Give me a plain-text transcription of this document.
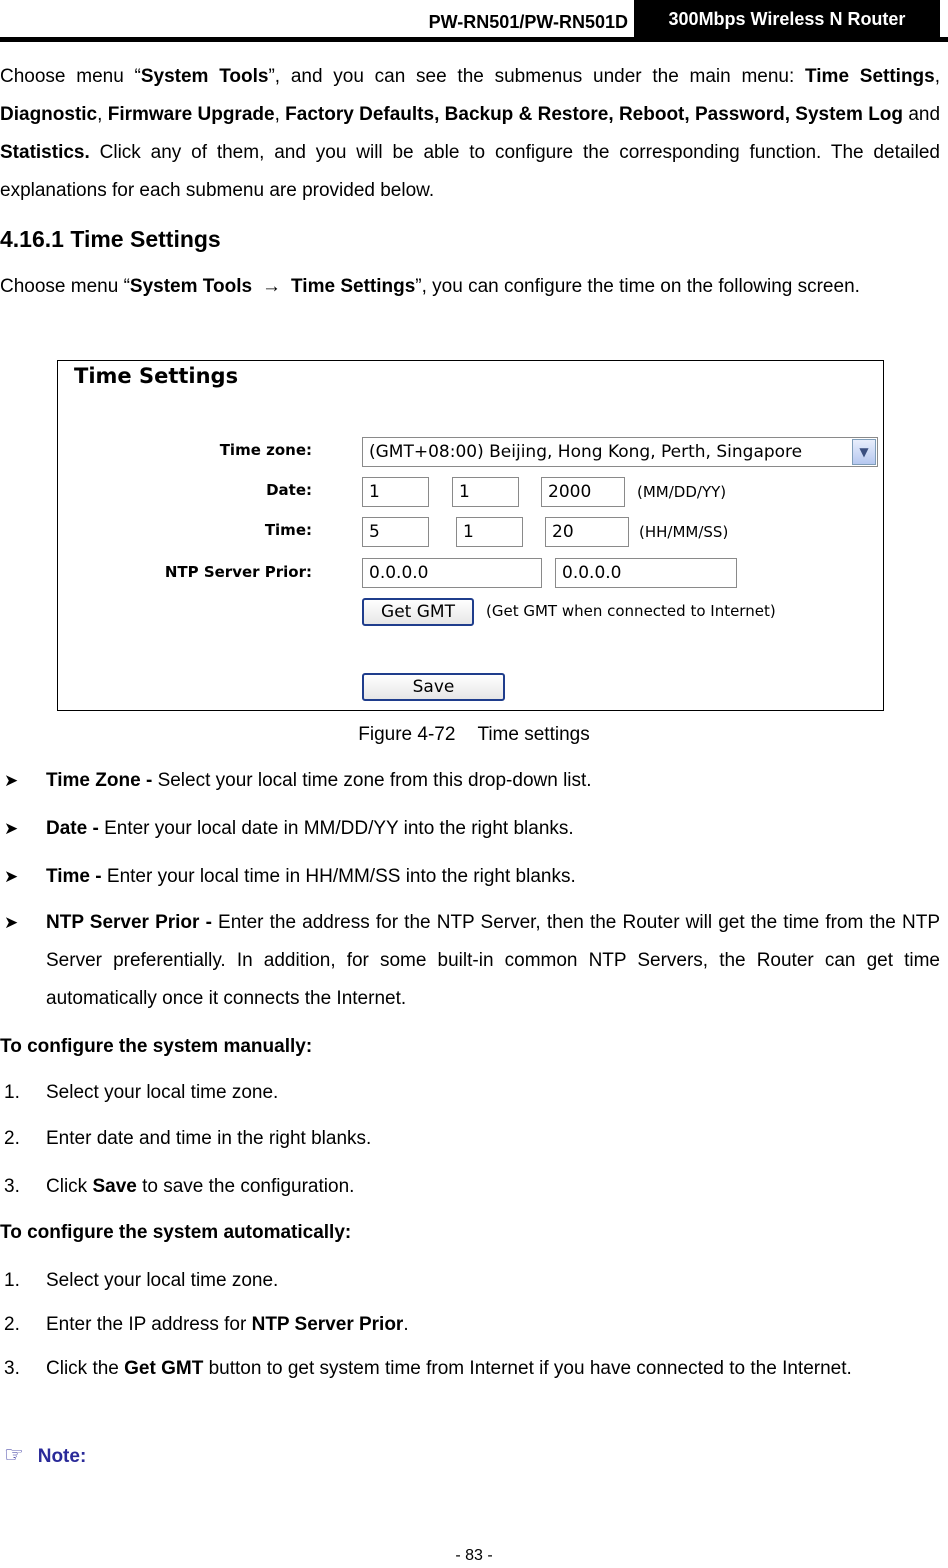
PW-RN501/PW-RN501D	300Mbps Wireless N Router
Choose menu “System Tools”, and you can see the submenus under the main menu: Time Settings, Diagnostic, Firmware Upgrade, Factory Defaults, Backup & Restore, Reboot, Password, System Log and Statistics. Click any of them, and you will be able to configure the corresponding function. The detailed explanations for each submenu are provided below.
4.16.1 Time Settings
Choose menu “System Tools → Time Settings”, you can configure the time on the following screen.
Time Settings
Time zone:	(GMT+08:00) Beijing, Hong Kong, Perth, Singapore	▼
Date:	1	1	2000	(MM/DD/YY)
Time:	5	1	20	(HH/MM/SS)
NTP Server Prior:	0.0.0.0	0.0.0.0
Get GMT	(Get GMT when connected to Internet)
Save
Figure 4-72 Time settings
➤ Time Zone - Select your local time zone from this drop-down list.
➤ Date - Enter your local date in MM/DD/YY into the right blanks.
➤ Time - Enter your local time in HH/MM/SS into the right blanks.
➤ NTP Server Prior - Enter the address for the NTP Server, then the Router will get the time from the NTP Server preferentially. In addition, for some built-in common NTP Servers, the Router can get time automatically once it connects the Internet.
To configure the system manually:
1. Select your local time zone.
2. Enter date and time in the right blanks.
3. Click Save to save the configuration.
To configure the system automatically:
1. Select your local time zone.
2. Enter the IP address for NTP Server Prior.
3. Click the Get GMT button to get system time from Internet if you have connected to the Internet.
☞ Note:
- 83 -
